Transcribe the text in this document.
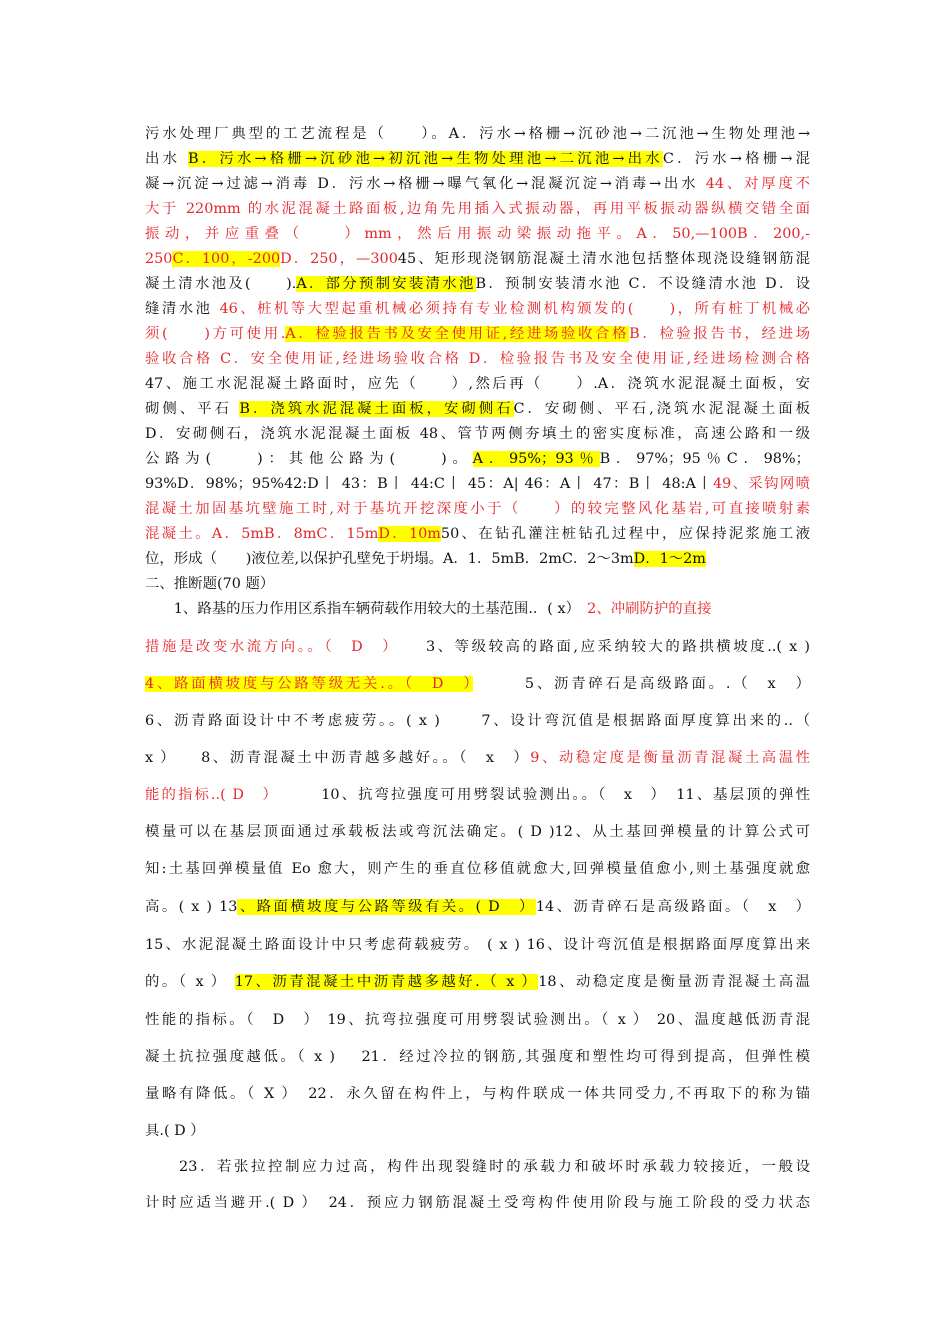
污水处理厂典型的工艺流程是（　　）。A．污水→格栅→沉砂池→二沉池→生物处理池→
出水 B．污水→格栅→沉砂池→初沉池→生物处理池→二沉池→出水C．污水→格栅→混
凝→沉淀→过滤→消毒 D．污水→格栅→曝气氧化→混凝沉淀→消毒→出水 44、对厚度不
大于 220mm 的水泥混凝土路面板,边角先用插入式振动器，再用平板振动器纵横交错全面
振动，并应重叠（　　）mm，然后用振动梁振动拖平。A．50,—100B．200,-
250C．100，-200D．250，—30045、矩形现浇钢筋混凝土清水池包括整体现浇设缝钢筋混
凝土清水池及(　　).A．部分预制安装清水池B．预制安装清水池 C．不设缝清水池 D．设
缝清水池 46、桩机等大型起重机械必须持有专业检测机构颁发的(　　)，所有桩丁机械必
须(　　)方可使用.A．检验报告书及安全使用证,经进场验收合格B．检验报告书，经进场
验收合格 C．安全使用证,经进场验收合格 D．检验报告书及安全使用证,经进场检测合格
47、施工水泥混凝土路面时，应先（　　）,然后再（　　）.A．浇筑水泥混凝土面板，安
砌侧、平石 B．浇筑水泥混凝土面板，安砌侧石C．安砌侧、平石,浇筑水泥混凝土面板
D．安砌侧石，浇筑水泥混凝土面板 48、管节两侧夯填土的密实度标准，高速公路和一级
公路为(　　)：其他公路为(　　)。A．95%；93％B．97%；95％C．98%；
93%D．98%；95%42:D丨 43：B丨 44:C丨 45：A| 46：A丨 47：B丨 48:A丨49、采钩网喷
混凝土加固基坑壁施工时,对于基坑开挖深度小于（　　）的较完整风化基岩,可直接喷射素
混凝土。A．5mB．8mC．15mD．10m50、在钻孔灌注桩钻孔过程中，应保持泥浆施工液
位，形成（　　)液位差,以保护孔壁免于坍塌。A．1．5mB．2mC．2～3mD．1～2m
二、推断题(70 题）
　　1、路基的压力作用区系指车辆荷载作用较大的土基范围.．( x）　2、冲刷防护的直接
措施是改变水流方向。。（　D　）　　3、等级较高的路面,应采纳较大的路拱横坡度..( x )
4、路面横坡度与公路等级无关.。（　D　）　　　5、沥青碎石是高级路面。.（　x　）
6、沥青路面设计中不考虑疲劳。。( x ) 　　7、设计弯沉值是根据路面厚度算出来的..（
x ） 　8、沥青混凝土中沥青越多越好。。（　x　）9、动稳定度是衡量沥青混凝土高温性
能的指标..( D　）　　　10、抗弯拉强度可用劈裂试验测出。。（　x　）　11、基层顶的弹性
模量可以在基层顶面通过承载板法或弯沉法确定。( D )12、从土基回弹模量的计算公式可
知:土基回弹模量值 Eo 愈大，则产生的垂直位移值就愈大,回弹模量值愈小,则土基强度就愈
高。( x ) 13、路面横坡度与公路等级有关。( D　）14、沥青碎石是高级路面。（　x　）
15、水泥混凝土路面设计中只考虑荷载疲劳。 ( x ) 16、设计弯沉值是根据路面厚度算出来
的。（ x ） 17、沥青混凝土中沥青越多越好.（ x ）18、动稳定度是衡量沥青混凝土高温
性能的指标。（　D　） 19、抗弯拉强度可用劈裂试验测出。（ x ） 20、温度越低沥青混
凝土抗拉强度越低。（ x )　 21．经过冷拉的钢筋,其强度和塑性均可得到提高，但弹性模
量略有降低。（ X ）　22．永久留在构件上，与构件联成一体共同受力,不再取下的称为锚
具.( D ）
　　23．若张拉控制应力过高，构件出现裂缝时的承载力和破坏时承载力较接近，一般设
计时应适当避开.( D ）　24．预应力钢筋混凝土受弯构件使用阶段与施工阶段的受力状态
